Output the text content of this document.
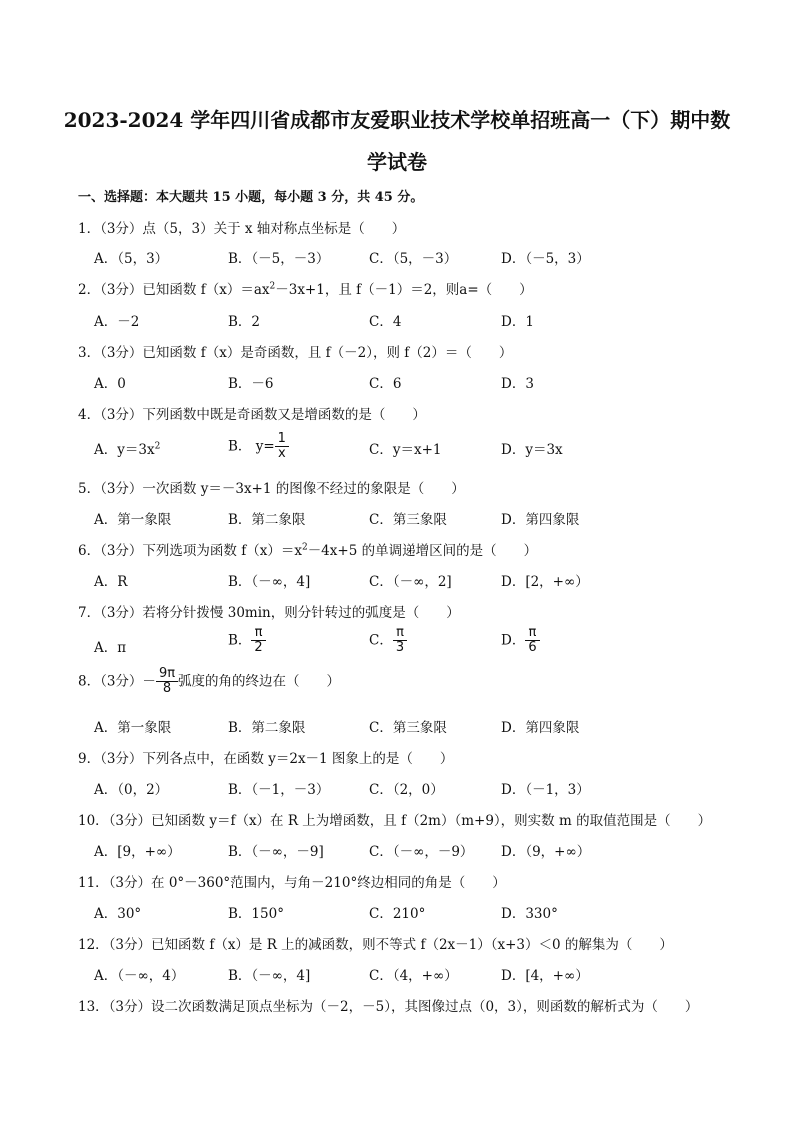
2023-2024 学年四川省成都市友爱职业技术学校单招班高一（下）期中数
学试卷
一、选择题：本大题共 15 小题，每小题 3 分，共 45 分。
1．（3分）点（5，3）关于 x 轴对称点坐标是（　　）
A．（5，3）	B．（－5，－3）	C．（5，－3）	D．（－5，3）
2．（3分）已知函数 $f(x)=ax^2-3x+1$，且 f（－1）＝2，则a=（　　）
A．－2	B．2	C．4	D．1
3．（3分）已知函数 f（x）是奇函数，且 f（－2），则 f（2）＝（　　）
A．0	B．－6	C．6	D．3
4．（3分）下列函数中既是奇函数又是增函数的是（　　）
A．$y=3x^2$	B． $y= \frac{1}{x}$	C．y＝x+1	D．y＝3x
5．（3分）一次函数 y＝－3x+1 的图像不经过的象限是（　　）
A．第一象限	B．第二象限	C．第三象限	D．第四象限
6．（3分）下列选项为函数 $f(x)=x^2-4x+5$ 的单调递增区间的是（　　）
A．R	B．（－∞，4]	C．（－∞，2]	D．[2，+∞）
7．（3分）若将分针拨慢 30min，则分针转过的弧度是（　　）
A．π	B． $\frac{\pi}{2}$	C． $\frac{\pi}{3}$	D． $\frac{\pi}{6}$
8．（3分）－ $\frac{9\pi}{8}$ 弧度的角的终边在（　　）
A．第一象限	B．第二象限	C．第三象限	D．第四象限
9．（3分）下列各点中，在函数 y＝2x－1 图象上的是（　　）
A．（0，2）	B．（－1，－3）	C．（2，0）	D．（－1，3）
10．（3分）已知函数 y＝f（x）在 R 上为增函数，且 f（2m）（m+9），则实数 m 的取值范围是（　　）
A．[9，+∞）	B．（－∞，－9]	C．（－∞，－9） D．（9，+∞）
11．（3分）在 0°－360°范围内，与角－210°终边相同的角是（　　）
A．30°	B．150°	C．210°	D．330°
12．（3分）已知函数 f（x）是 R 上的减函数，则不等式 f（2x－1）（x+3）＜0 的解集为（　　）
A．（－∞，4）	B．（－∞，4]	C．（4，+∞）	D．[4，+∞）
13．（3分）设二次函数满足顶点坐标为（－2，－5），其图像过点（0，3），则函数的解析式为（　　）
